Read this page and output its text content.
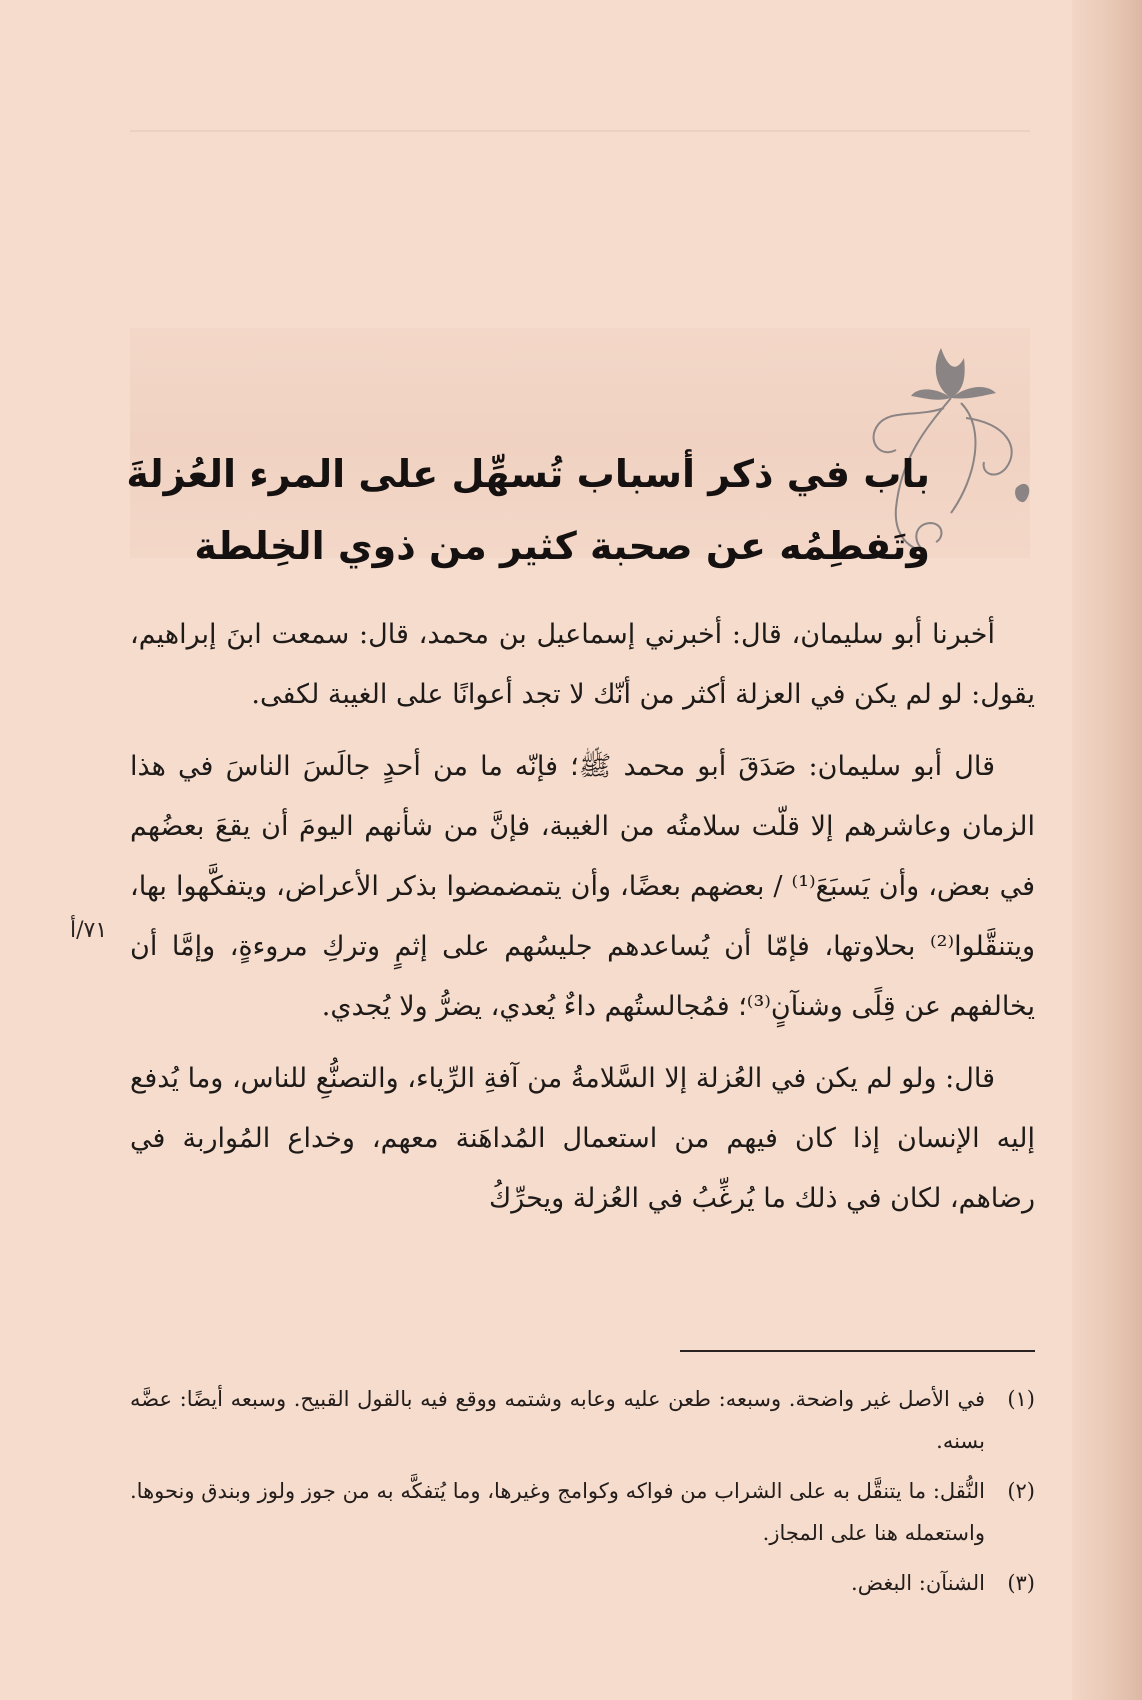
باب في ذكر أسباب تُسهِّل على المرء العُزلةَ
وتَفطِمُه عن صحبة كثير من ذوي الخِلطة

أخبرنا أبو سليمان، قال: أخبرني إسماعيل بن محمد، قال: سمعت ابنَ إبراهيم، يقول: لو لم يكن في العزلة أكثر من أنّك لا تجد أعوانًا على الغيبة لكفى.

قال أبو سليمان: صَدَقَ أبو محمد ﷺ؛ فإنّه ما من أحدٍ جالَسَ الناسَ في هذا الزمان وعاشرهم إلا قلّت سلامتُه من الغيبة، فإنَّ من شأنهم اليومَ أن يقعَ بعضُهم في بعض، وأن يَسبَعَ⁽¹⁾ / بعضهم بعضًا، وأن يتمضمضوا بذكر الأعراض، ويتفكَّهوا بها، ويتنقَّلوا⁽²⁾ بحلاوتها، فإمّا أن يُساعدهم جليسُهم على إثمٍ وتركِ مروءةٍ، وإمَّا أن يخالفهم عن قِلًى وشنآنٍ⁽³⁾؛ فمُجالستُهم داءٌ يُعدي، يضرُّ ولا يُجدي.

قال: ولو لم يكن في العُزلة إلا السَّلامةُ من آفةِ الرِّياء، والتصنُّعِ للناس، وما يُدفع إليه الإنسان إذا كان فيهم من استعمال المُداهَنة معهم، وخداع المُواربة في رضاهم، لكان في ذلك ما يُرغِّبُ في العُزلة ويحرِّكُ

٧١/أ
(١)
في الأصل غير واضحة. وسبعه: طعن عليه وعابه وشتمه ووقع فيه بالقول القبيح. وسبعه أيضًا: عضَّه بسنه.
(٢)
النُّقل: ما يتنقَّل به على الشراب من فواكه وكوامج وغيرها، وما يُتفكَّه به من جوز ولوز وبندق ونحوها. واستعمله هنا على المجاز.
(٣)
الشنآن: البغض.
